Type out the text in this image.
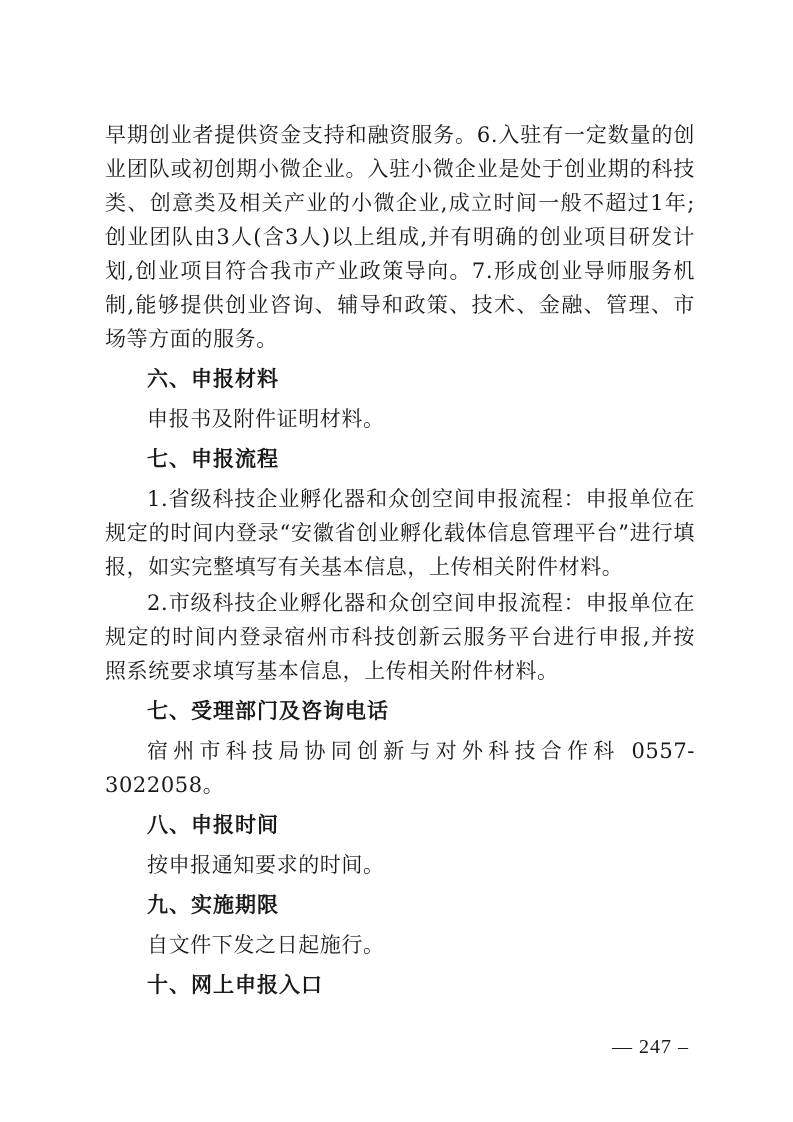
早期创业者提供资金支持和融资服务。6.入驻有一定数量的创业团队或初创期小微企业。入驻小微企业是处于创业期的科技类、创意类及相关产业的小微企业,成立时间一般不超过1年;创业团队由3人(含3人)以上组成,并有明确的创业项目研发计划,创业项目符合我市产业政策导向。7.形成创业导师服务机制,能够提供创业咨询、辅导和政策、技术、金融、管理、市场等方面的服务。

六、申报材料

申报书及附件证明材料。

七、申报流程

1.省级科技企业孵化器和众创空间申报流程：申报单位在规定的时间内登录“安徽省创业孵化载体信息管理平台”进行填报，如实完整填写有关基本信息，上传相关附件材料。

2.市级科技企业孵化器和众创空间申报流程：申报单位在规定的时间内登录宿州市科技创新云服务平台进行申报,并按照系统要求填写基本信息，上传相关附件材料。

七、受理部门及咨询电话

宿州市科技局协同创新与对外科技合作科 0557-3022058。

八、申报时间

按申报通知要求的时间。

九、实施期限

自文件下发之日起施行。

十、网上申报入口
— 247 –
